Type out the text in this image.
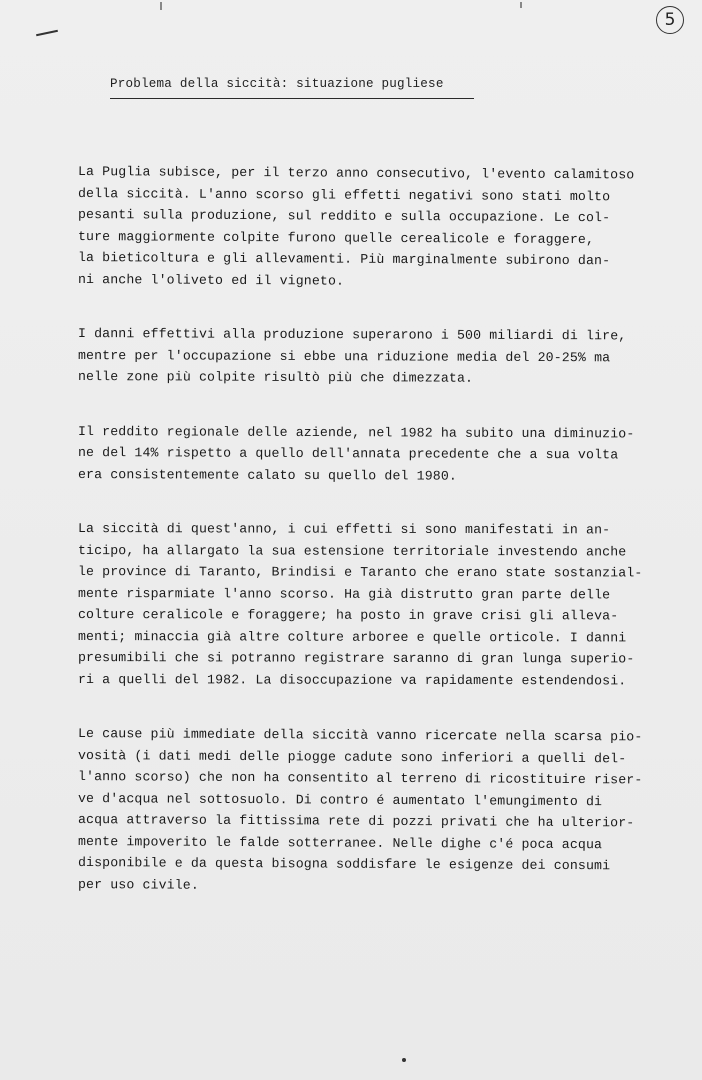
5
Problema della siccità: situazione pugliese
La Puglia subisce, per il terzo anno consecutivo, l'evento calamitoso
della siccità. L'anno scorso gli effetti negativi sono stati molto
pesanti sulla produzione, sul reddito e sulla occupazione. Le col-
ture maggiormente colpite furono quelle cerealicole e foraggere,
la bieticoltura e gli allevamenti. Più marginalmente subirono dan-
ni anche l'oliveto ed il vigneto.
I danni effettivi alla produzione superarono i 500 miliardi di lire,
mentre per l'occupazione si ebbe una riduzione media del 20-25% ma
nelle zone più colpite risultò più che dimezzata.
Il reddito regionale delle aziende, nel 1982 ha subito una diminuzio-
ne del 14% rispetto a quello dell'annata precedente che a sua volta
era consistentemente calato su quello del 1980.
La siccità di quest'anno, i cui effetti si sono manifestati in an-
ticipo, ha allargato la sua estensione territoriale investendo anche
le province di Taranto, Brindisi e Taranto che erano state sostanzial-
mente risparmiate l'anno scorso. Ha già distrutto gran parte delle
colture ceralicole e foraggere; ha posto in grave crisi gli alleva-
menti; minaccia già altre colture arboree e quelle orticole. I danni
presumibili che si potranno registrare saranno di gran lunga superio-
ri a quelli del 1982. La disoccupazione va rapidamente estendendosi.
Le cause più immediate della siccità vanno ricercate nella scarsa pio-
vosità (i dati medi delle piogge cadute sono inferiori a quelli del-
l'anno scorso) che non ha consentito al terreno di ricostituire riser-
ve d'acqua nel sottosuolo. Di contro é aumentato l'emungimento di
acqua attraverso la fittissima rete di pozzi privati che ha ulterior-
mente impoverito le falde sotterranee. Nelle dighe c'é poca acqua
disponibile e da questa bisogna soddisfare le esigenze dei consumi
per uso civile.
